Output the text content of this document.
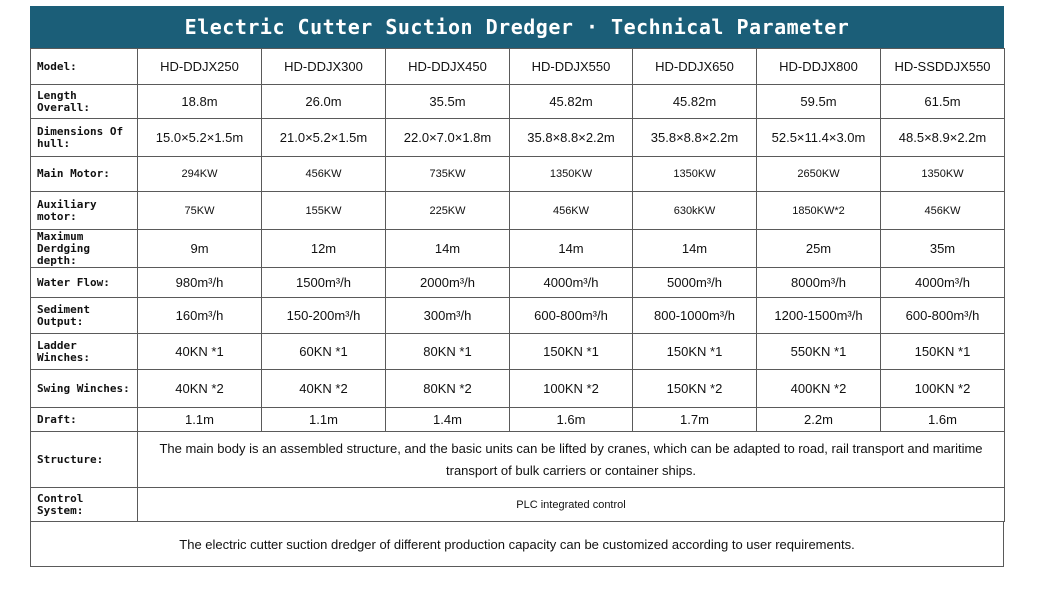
Electric Cutter Suction Dredger · Technical Parameter
Model:	HD-DDJX250	HD-DDJX300	HD-DDJX450	HD-DDJX550	HD-DDJX650	HD-DDJX800	HD-SSDDJX550
Length Overall:	18.8m	26.0m	35.5m	45.82m	45.82m	59.5m	61.5m
Dimensions Of hull:	15.0×5.2×1.5m	21.0×5.2×1.5m	22.0×7.0×1.8m	35.8×8.8×2.2m	35.8×8.8×2.2m	52.5×11.4×3.0m	48.5×8.9×2.2m
Main Motor:	294KW	456KW	735KW	1350KW	1350KW	2650KW	1350KW
Auxiliary motor:	75KW	155KW	225KW	456KW	630kKW	1850KW*2	456KW
Maximum Derdging depth:	9m	12m	14m	14m	14m	25m	35m
Water Flow:	980m³/h	1500m³/h	2000m³/h	4000m³/h	5000m³/h	8000m³/h	4000m³/h
Sediment Output:	160m³/h	150-200m³/h	300m³/h	600-800m³/h	800-1000m³/h	1200-1500m³/h	600-800m³/h
Ladder Winches:	40KN *1	60KN *1	80KN *1	150KN *1	150KN *1	550KN *1	150KN *1
Swing Winches:	40KN *2	40KN *2	80KN *2	100KN *2	150KN *2	400KN *2	100KN *2
Draft:	1.1m	1.1m	1.4m	1.6m	1.7m	2.2m	1.6m
Structure:	The main body is an assembled structure, and the basic units can be lifted by cranes, which can be adapted to road, rail transport and maritime transport of bulk carriers or container ships.						
Control System:	PLC integrated control						
The electric cutter suction dredger of different production capacity can be customized according to user requirements.
